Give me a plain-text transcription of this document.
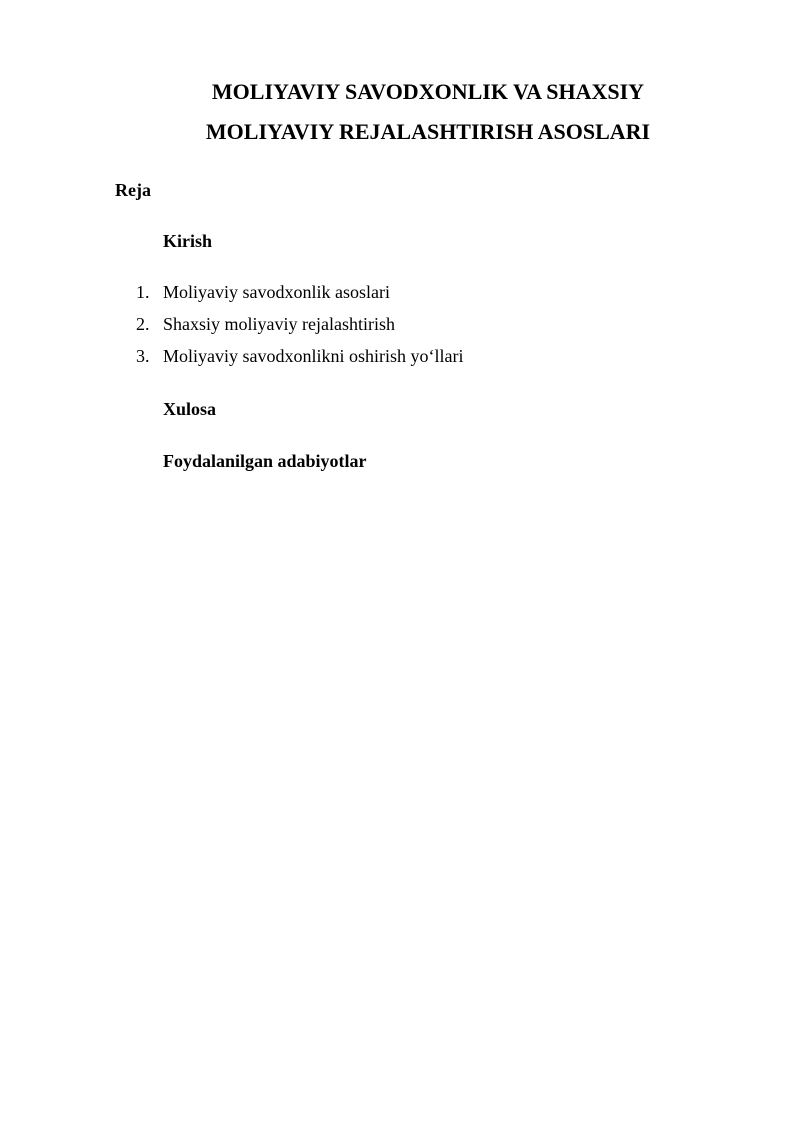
MOLIYAVIY SAVODXONLIK VA SHAXSIY
MOLIYAVIY REJALASHTIRISH ASOSLARI
Reja
Kirish
1. Moliyaviy savodxonlik asoslari
2. Shaxsiy moliyaviy rejalashtirish
3. Moliyaviy savodxonlikni oshirish yo‘llari
Xulosa
Foydalanilgan adabiyotlar
